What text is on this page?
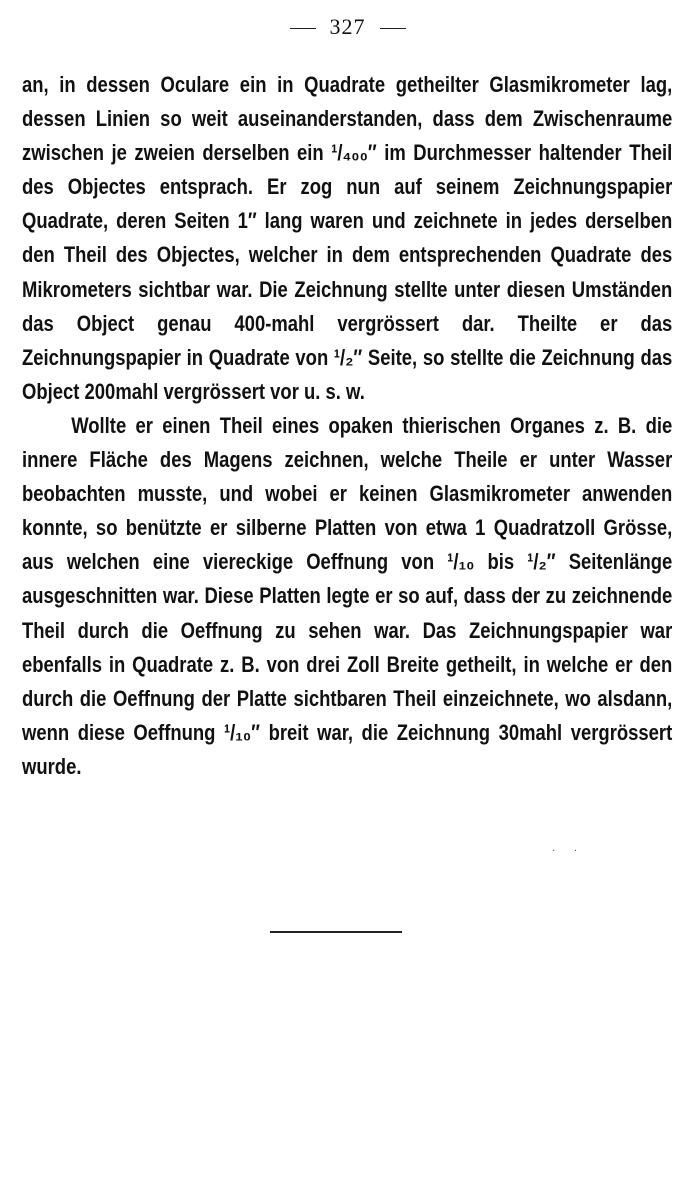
327

an, in dessen Oculare ein in Quadrate getheilter Glasmikrometer lag, dessen Linien so weit auseinanderstanden, dass dem Zwischenraume zwischen je zweien derselben ein ¹/₄₀₀″ im Durchmesser haltender Theil des Objectes entsprach. Er zog nun auf seinem Zeichnungspapier Quadrate, deren Seiten 1″ lang waren und zeichnete in jedes derselben den Theil des Objectes, welcher in dem entsprechenden Quadrate des Mikrometers sichtbar war. Die Zeichnung stellte unter diesen Umständen das Object genau 400-mahl vergrössert dar. Theilte er das Zeichnungspapier in Quadrate von ¹/₂″ Seite, so stellte die Zeichnung das Object 200mahl vergrössert vor u. s. w.

Wollte er einen Theil eines opaken thierischen Organes z. B. die innere Fläche des Magens zeichnen, welche Theile er unter Wasser beobachten musste, und wobei er keinen Glasmikrometer anwenden konnte, so benützte er silberne Platten von etwa 1 Quadratzoll Grösse, aus welchen eine viereckige Oeffnung von ¹/₁₀ bis ¹/₂″ Seitenlänge ausgeschnitten war. Diese Platten legte er so auf, dass der zu zeichnende Theil durch die Oeffnung zu sehen war. Das Zeichnungspapier war ebenfalls in Quadrate z. B. von drei Zoll Breite getheilt, in welche er den durch die Oeffnung der Platte sichtbaren Theil einzeichnete, wo alsdann, wenn diese Oeffnung ¹/₁₀″ breit war, die Zeichnung 30mahl vergrössert wurde.

· ·
